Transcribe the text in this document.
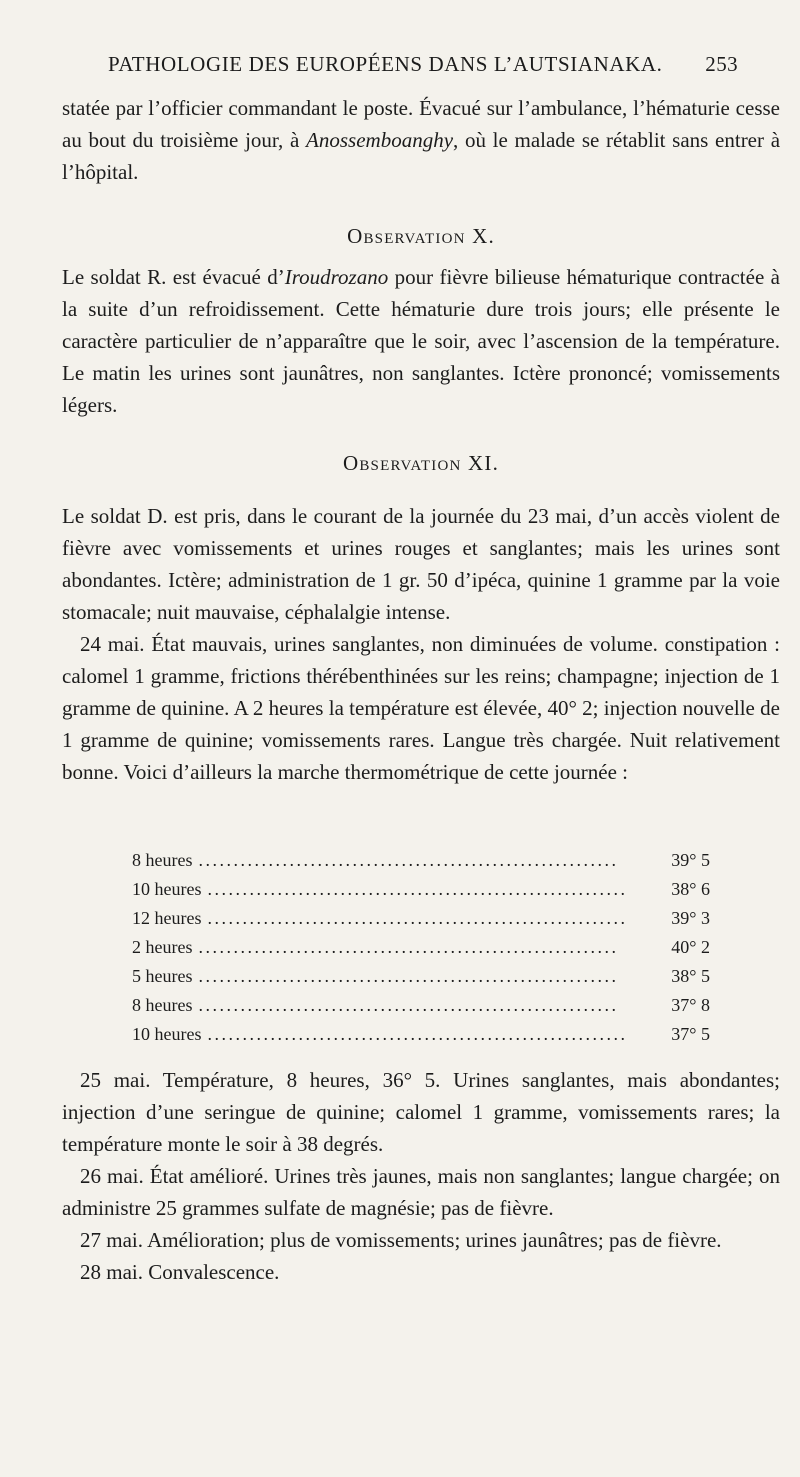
PATHOLOGIE DES EUROPÉENS DANS L’AUTSIANAKA. 253

statée par l’officier commandant le poste. Évacué sur l’ambulance, l’hématurie cesse au bout du troisième jour, à Anossemboanghy, où le malade se rétablit sans entrer à l’hôpital.

Observation X.

Le soldat R. est évacué d’Iroudrozano pour fièvre bilieuse hématurique contractée à la suite d’un refroidissement. Cette hématurie dure trois jours; elle présente le caractère particulier de n’apparaître que le soir, avec l’ascension de la température. Le matin les urines sont jaunâtres, non sanglantes. Ictère prononcé; vomissements légers.

Observation XI.

Le soldat D. est pris, dans le courant de la journée du 23 mai, d’un accès violent de fièvre avec vomissements et urines rouges et sanglantes; mais les urines sont abondantes. Ictère; administration de 1 gr. 50 d’ipéca, quinine 1 gramme par la voie stomacale; nuit mauvaise, céphalalgie intense.

24 mai. État mauvais, urines sanglantes, non diminuées de volume. constipation : calomel 1 gramme, frictions thérébenthinées sur les reins; champagne; injection de 1 gramme de quinine. A 2 heures la température est élevée, 40° 2; injection nouvelle de 1 gramme de quinine; vomissements rares. Langue très chargée. Nuit relativement bonne. Voici d’ailleurs la marche thermométrique de cette journée :

8 heures ............................................................	39° 5
10 heures ............................................................	38° 6
12 heures ............................................................	39° 3
2 heures ............................................................	40° 2
5 heures ............................................................	38° 5
8 heures ............................................................	37° 8
10 heures ............................................................	37° 5

25 mai. Température, 8 heures, 36° 5. Urines sanglantes, mais abondantes; injection d’une seringue de quinine; calomel 1 gramme, vomissements rares; la température monte le soir à 38 degrés.

26 mai. État amélioré. Urines très jaunes, mais non sanglantes; langue chargée; on administre 25 grammes sulfate de magnésie; pas de fièvre.

27 mai. Amélioration; plus de vomissements; urines jaunâtres; pas de fièvre.

28 mai. Convalescence.
